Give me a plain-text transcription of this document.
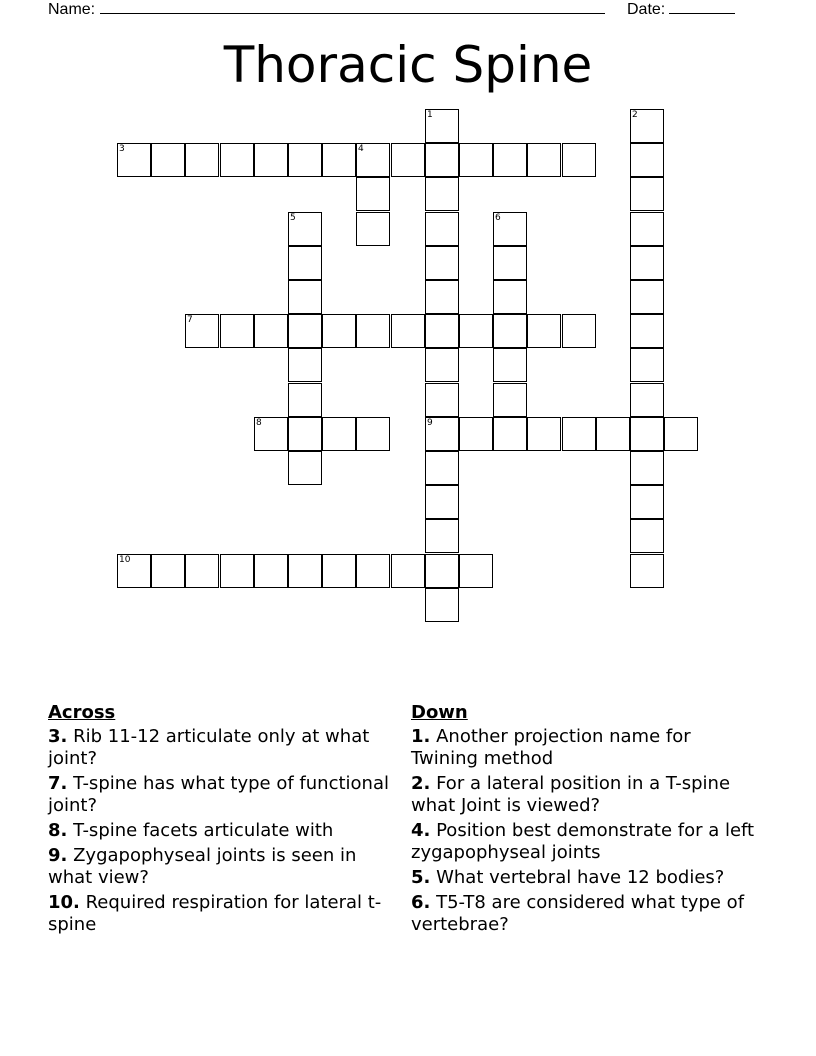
Name:	Date:
Thoracic Spine
1
9
2
3	4
5	6
7
8
10
Across
3. Rib 11-12 articulate only at what joint?
7. T-spine has what type of functional joint?
8. T-spine facets articulate with
9. Zygapophyseal joints is seen in what view?
10. Required respiration for lateral t-spine
Down
1. Another projection name for Twining method
2. For a lateral position in a T-spine what Joint is viewed?
4. Position best demonstrate for a left zygapophyseal joints
5. What vertebral have 12 bodies?
6. T5-T8 are considered what type of vertebrae?
